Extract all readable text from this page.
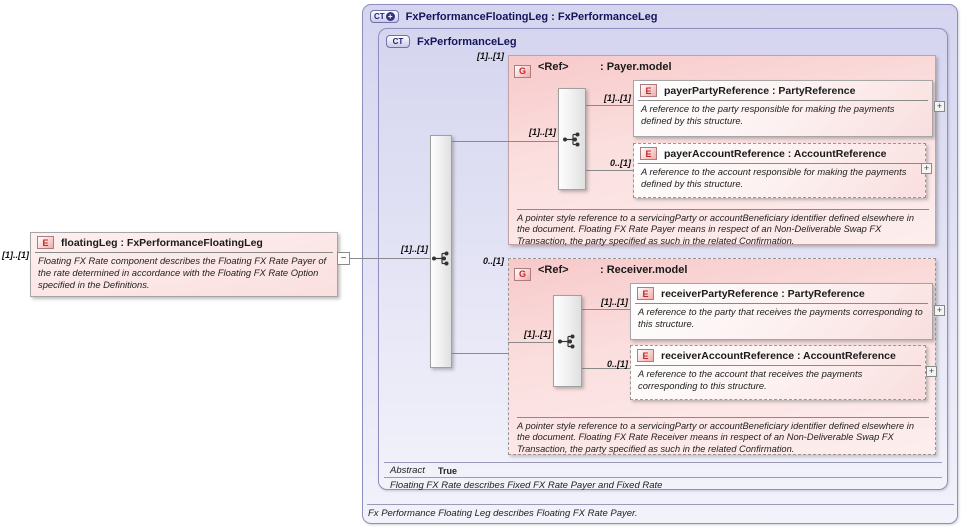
CT + FxPerformanceFloatingLeg : FxPerformanceLeg
Fx Performance Floating Leg describes Floating FX Rate Payer.
CT FxPerformanceLeg
Abstract True
Floating FX Rate describes Fixed FX Rate Payer and Fixed Rate
G <Ref>	: Payer.model
A pointer style reference to a servicingParty or accountBeneficiary identifier defined elsewhere in the document. Floating FX Rate Payer means in respect of an Non-Deliverable Swap FX Transaction, the party specified as such in the related Confirmation.
G <Ref>	: Receiver.model
A pointer style reference to a servicingParty or accountBeneficiary identifier defined elsewhere in the document. Floating FX Rate Receiver means in respect of an Non-Deliverable Swap FX Transaction, the party specified as such in the related Confirmation.
[1]..[1]
E	floatingLeg : FxPerformanceFloatingLeg
Floating FX Rate component describes the Floating FX Rate Payer of the rate determined in accordance with the Floating FX Rate Option specified in the Definitions.
−
[1]..[1]
[1]..[1]
0..[1]
[1]..[1]
[1]..[1]
[1]..[1]
0..[1]
[1]..[1]
0..[1]
E	payerPartyReference : PartyReference
A reference to the party responsible for making the payments defined by this structure.
+
E	payerAccountReference : AccountReference
A reference to the account responsible for making the payments defined by this structure.
+
E	receiverPartyReference : PartyReference
A reference to the party that receives the payments corresponding to this structure.
+
E	receiverAccountReference : AccountReference
A reference to the account that receives the payments corresponding to this structure.
+
